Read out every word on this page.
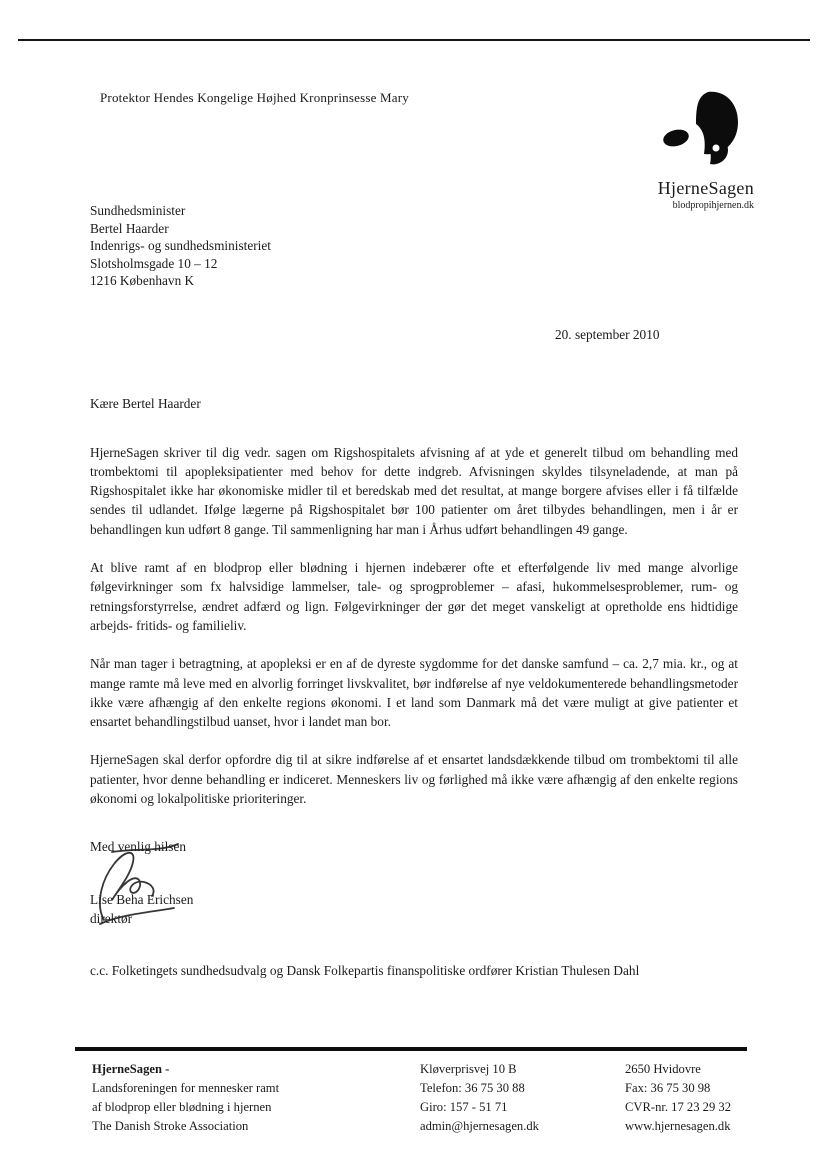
Protektor Hendes Kongelige Højhed Kronprinsesse Mary
HjerneSagen
blodpropihjernen.dk
Sundhedsminister
Bertel Haarder
Indenrigs- og sundhedsministeriet
Slotsholmsgade 10 – 12
1216 København K
20. september 2010
Kære Bertel Haarder

HjerneSagen skriver til dig vedr. sagen om Rigshospitalets afvisning af at yde et generelt tilbud om behandling med trombektomi til apopleksipatienter med behov for dette indgreb. Afvisningen skyldes tilsyneladende, at man på Rigshospitalet ikke har økonomiske midler til et beredskab med det resultat, at mange borgere afvises eller i få tilfælde sendes til udlandet. Ifølge lægerne på Rigshospitalet bør 100 patienter om året tilbydes behandlingen, men i år er behandlingen kun udført 8 gange. Til sammenligning har man i Århus udført behandlingen 49 gange.

At blive ramt af en blodprop eller blødning i hjernen indebærer ofte et efterfølgende liv med mange alvorlige følgevirkninger som fx halvsidige lammelser, tale- og sprogproblemer – afasi, hukommelsesproblemer, rum- og retningsforstyrrelse, ændret adfærd og lign. Følgevirkninger der gør det meget vanskeligt at opretholde ens hidtidige arbejds- fritids- og familieliv.

Når man tager i betragtning, at apopleksi er en af de dyreste sygdomme for det danske samfund – ca. 2,7 mia. kr., og at mange ramte må leve med en alvorlig forringet livskvalitet, bør indførelse af nye veldokumenterede behandlingsmetoder ikke være afhængig af den enkelte regions økonomi. I et land som Danmark må det være muligt at give patienter et ensartet behandlingstilbud uanset, hvor i landet man bor.

HjerneSagen skal derfor opfordre dig til at sikre indførelse af et ensartet landsdækkende tilbud om trombektomi til alle patienter, hvor denne behandling er indiceret. Menneskers liv og førlighed må ikke være afhængig af den enkelte regions økonomi og lokalpolitiske prioriteringer.

Med venlig hilsen
Lise Beha Erichsen
direktør
c.c. Folketingets sundhedsudvalg og Dansk Folkepartis finanspolitiske ordfører Kristian Thulesen Dahl
HjerneSagen -
Landsforeningen for mennesker ramt
af blodprop eller blødning i hjernen
The Danish Stroke Association
Kløverprisvej 10 B
Telefon: 36 75 30 88
Giro: 157 - 51 71
admin@hjernesagen.dk
2650 Hvidovre
Fax: 36 75 30 98
CVR-nr. 17 23 29 32
www.hjernesagen.dk
